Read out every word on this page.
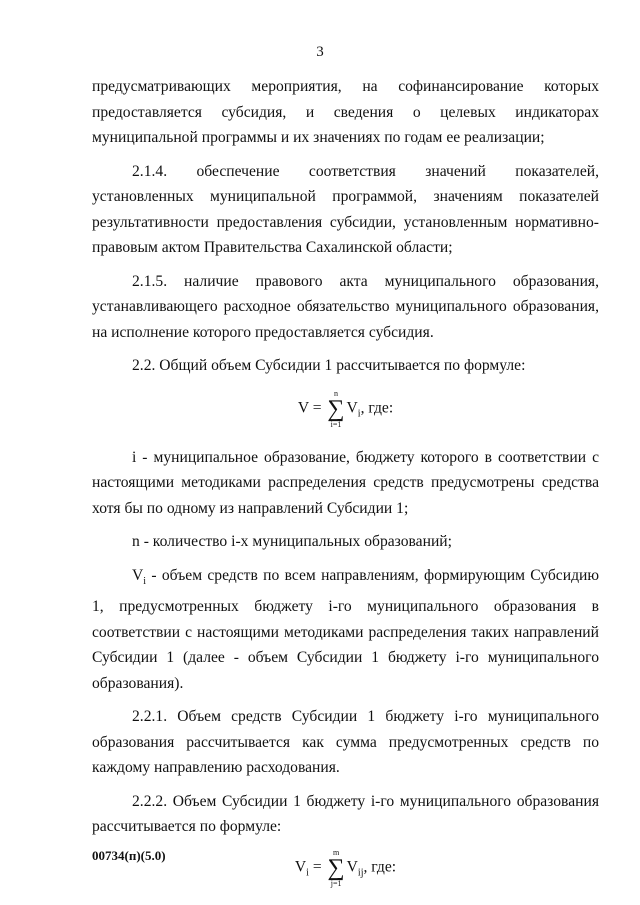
3

предусматривающих мероприятия, на софинансирование которых предоставляется субсидия, и сведения о целевых индикаторах муниципальной программы и их значениях по годам ее реализации;

2.1.4. обеспечение соответствия значений показателей, установленных муниципальной программой, значениям показателей результативности предоставления субсидии, установленным нормативно-правовым актом Правительства Сахалинской области;

2.1.5. наличие правового акта муниципального образования, устанавливающего расходное обязательство муниципального образования, на исполнение которого предоставляется субсидия.

2.2. Общий объем Субсидии 1 рассчитывается по формуле:

V =
n
∑
i=1
$V_i$, где:

i - муниципальное образование, бюджету которого в соответствии с настоящими методиками распределения средств предусмотрены средства хотя бы по одному из направлений Субсидии 1;

n - количество i-х муниципальных образований;

$V_i$ - объем средств по всем направлениям, формирующим Субсидию 1, предусмотренных бюджету i-го муниципального образования в соответствии с настоящими методиками распределения таких направлений Субсидии 1 (далее - объем Субсидии 1 бюджету i-го муниципального образования).

2.2.1. Объем средств Субсидии 1 бюджету i-го муниципального образования рассчитывается как сумма предусмотренных средств по каждому направлению расходования.

2.2.2. Объем Субсидии 1 бюджету i-го муниципального образования рассчитывается по формуле:

$V_i$ =
m
∑
j=1
$V_{ij}$, где:
00734(п)(5.0)
